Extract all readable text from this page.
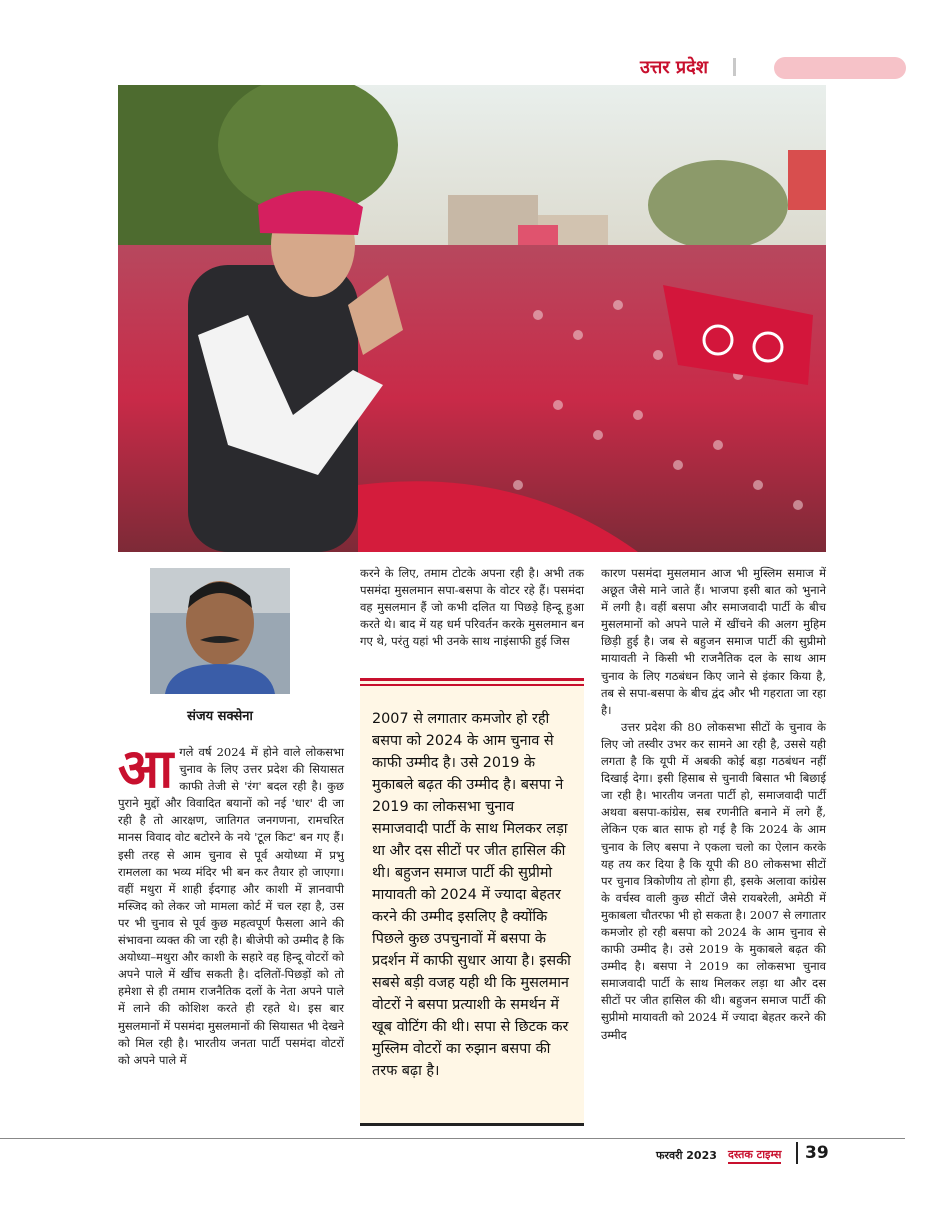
उत्तर प्रदेश
संजय सक्सेना
आ गले वर्ष 2024 में होने वाले लोकसभा चुनाव के लिए उत्तर प्रदेश की सियासत काफी तेजी से 'रंग' बदल रही है। कुछ पुराने मुद्दों और विवादित बयानों को नई 'धार' दी जा रही है तो आरक्षण, जातिगत जनगणना, रामचरित मानस विवाद वोट बटोरने के नये 'टूल किट' बन गए हैं। इसी तरह से आम चुनाव से पूर्व अयोध्या में प्रभु रामलला का भव्य मंदिर भी बन कर तैयार हो जाएगा। वहीं मथुरा में शाही ईदगाह और काशी में ज्ञानवापी मस्जिद को लेकर जो मामला कोर्ट में चल रहा है, उस पर भी चुनाव से पूर्व कुछ महत्वपूर्ण फैसला आने की संभावना व्यक्त की जा रही है। बीजेपी को उम्मीद है कि अयोध्या–मथुरा और काशी के सहारे वह हिन्दू वोटरों को अपने पाले में खींच सकती है। दलितों-पिछड़ों को तो हमेशा से ही तमाम राजनैतिक दलों के नेता अपने पाले में लाने की कोशिश करते ही रहते थे। इस बार मुसलमानों में पसमंदा मुसलमानों की सियासत भी देखने को मिल रही है। भारतीय जनता पार्टी पसमंदा वोटरों को अपने पाले में

करने के लिए, तमाम टोटके अपना रही है। अभी तक पसमंदा मुसलमान सपा-बसपा के वोटर रहे हैं। पसमंदा वह मुसलमान हैं जो कभी दलित या पिछड़े हिन्दू हुआ करते थे। बाद में यह धर्म परिवर्तन करके मुसलमान बन गए थे, परंतु यहां भी उनके साथ नाइंसाफी हुई जिस

2007 से लगातार कमजोर हो रही बसपा को 2024 के आम चुनाव से काफी उम्मीद है। उसे 2019 के मुकाबले बढ़त की उम्मीद है। बसपा ने 2019 का लोकसभा चुनाव समाजवादी पार्टी के साथ मिलकर लड़ा था और दस सीटों पर जीत हासिल की थी। बहुजन समाज पार्टी की सुप्रीमो मायावती को 2024 में ज्यादा बेहतर करने की उम्मीद इसलिए है क्योंकि पिछले कुछ उपचुनावों में बसपा के प्रदर्शन में काफी सुधार आया है। इसकी सबसे बड़ी वजह यही थी कि मुसलमान वोटरों ने बसपा प्रत्याशी के समर्थन में खूब वोटिंग की थी। सपा से छिटक कर मुस्लिम वोटरों का रुझान बसपा की तरफ बढ़ा है।

कारण पसमंदा मुसलमान आज भी मुस्लिम समाज में अछूत जैसे माने जाते हैं। भाजपा इसी बात को भुनाने में लगी है। वहीं बसपा और समाजवादी पार्टी के बीच मुसलमानों को अपने पाले में खींचने की अलग मुहिम छिड़ी हुई है। जब से बहुजन समाज पार्टी की सुप्रीमो मायावती ने किसी भी राजनैतिक दल के साथ आम चुनाव के लिए गठबंधन किए जाने से इंकार किया है, तब से सपा-बसपा के बीच द्वंद और भी गहराता जा रहा है।

उत्तर प्रदेश की 80 लोकसभा सीटों के चुनाव के लिए जो तस्वीर उभर कर सामने आ रही है, उससे यही लगता है कि यूपी में अबकी कोई बड़ा गठबंधन नहीं दिखाई देगा। इसी हिसाब से चुनावी बिसात भी बिछाई जा रही है। भारतीय जनता पार्टी हो, समाजवादी पार्टी अथवा बसपा-कांग्रेस, सब रणनीति बनाने में लगे हैं, लेकिन एक बात साफ हो गई है कि 2024 के आम चुनाव के लिए बसपा ने एकला चलो का ऐलान करके यह तय कर दिया है कि यूपी की 80 लोकसभा सीटों पर चुनाव त्रिकोणीय तो होगा ही, इसके अलावा कांग्रेस के वर्चस्व वाली कुछ सीटों जैसे रायबरेली, अमेठी में मुकाबला चौतरफा भी हो सकता है। 2007 से लगातार कमजोर हो रही बसपा को 2024 के आम चुनाव से काफी उम्मीद है। उसे 2019 के मुकाबले बढ़त की उम्मीद है। बसपा ने 2019 का लोकसभा चुनाव समाजवादी पार्टी के साथ मिलकर लड़ा था और दस सीटों पर जीत हासिल की थी। बहुजन समाज पार्टी की सुप्रीमो मायावती को 2024 में ज्यादा बेहतर करने की उम्मीद

फरवरी 2023 दस्तक टाइम्स 39
